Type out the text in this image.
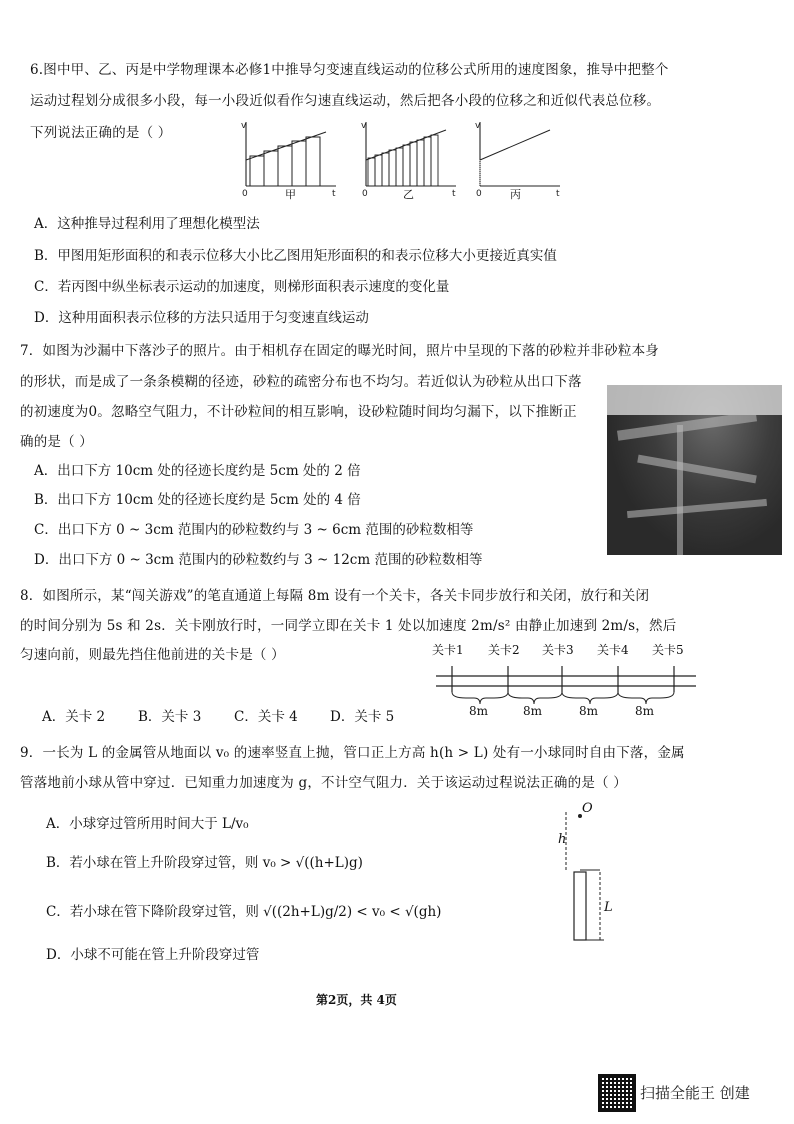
6.图中甲、乙、丙是中学物理课本必修1中推导匀变速直线运动的位移公式所用的速度图象，推导中把整个
运动过程划分成很多小段，每一小段近似看作匀速直线运动，然后把各小段的位移之和近似代表总位移。
下列说法正确的是（ ）	v
t
0	甲
v
t
0	乙
v
t
0	丙
A．这种推导过程利用了理想化模型法
B．甲图用矩形面积的和表示位移大小比乙图用矩形面积的和表示位移大小更接近真实值
C．若丙图中纵坐标表示运动的加速度，则梯形面积表示速度的变化量
D．这种用面积表示位移的方法只适用于匀变速直线运动
7．如图为沙漏中下落沙子的照片。由于相机存在固定的曝光时间，照片中呈现的下落的砂粒并非砂粒本身
的形状，而是成了一条条模糊的径迹，砂粒的疏密分布也不均匀。若近似认为砂粒从出口下落
的初速度为0。忽略空气阻力，不计砂粒间的相互影响，设砂粒随时间均匀漏下，以下推断正
确的是（ ）
A．出口下方 10cm 处的径迹长度约是 5cm 处的 2 倍
B．出口下方 10cm 处的径迹长度约是 5cm 处的 4 倍
C．出口下方 0 ~ 3cm 范围内的砂粒数约与 3 ~ 6cm 范围的砂粒数相等
D．出口下方 0 ~ 3cm 范围内的砂粒数约与 3 ~ 12cm 范围的砂粒数相等
8．如图所示，某“闯关游戏”的笔直通道上每隔 8m 设有一个关卡，各关卡同步放行和关闭，放行和关闭
的时间分别为 5s 和 2s．关卡刚放行时，一同学立即在关卡 1 处以加速度 2m/s² 由静止加速到 2m/s，然后
匀速向前，则最先挡住他前进的关卡是（ ）	关卡1 关卡2 关卡3 关卡4 关卡5
8m	8m	8m	8m
A．关卡 2 B．关卡 3 C．关卡 4 D．关卡 5
9．一长为 L 的金属管从地面以 v₀ 的速率竖直上抛，管口正上方高 h(h > L) 处有一小球同时自由下落，金属
管落地前小球从管中穿过．已知重力加速度为 g，不计空气阻力．关于该运动过程说法正确的是（ ）
A．小球穿过管所用时间大于 L/v₀
B．若小球在管上升阶段穿过管，则 v₀ > √((h+L)g)
C．若小球在管下降阶段穿过管，则 √((2h+L)g/2) < v₀ < √(gh)
D．小球不可能在管上升阶段穿过管
O
h
L
第2页，共 4页
扫描全能王 创建
